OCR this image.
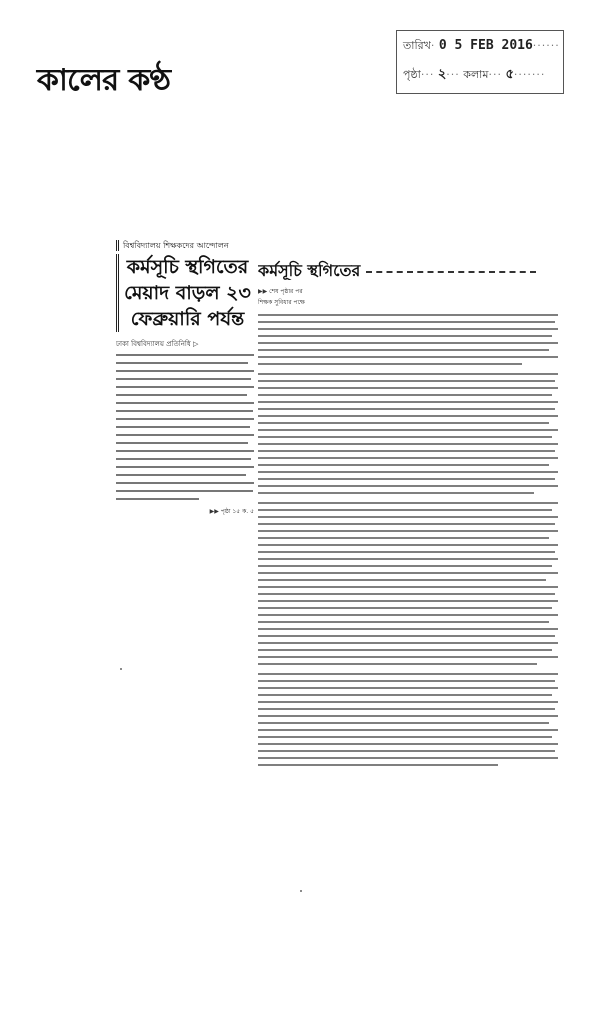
কালের কণ্ঠ
তারিখ· 0 5 FEB 2016······
পৃষ্ঠা··· ২··· কলাম··· ৫·······
বিশ্ববিদ্যালয় শিক্ষকদের আন্দোলন
কর্মসূচি স্থগিতের
মেয়াদ বাড়ল ২৩
ফেব্রুয়ারি পর্যন্ত
ঢাকা বিশ্ববিদ্যালয় প্রতিনিধি ▷
▶▶ পৃষ্ঠা ১৫ ক. ৫
কর্মসূচি স্থগিতের
▶▶ শেষ পৃষ্ঠার পর
শিক্ষক সুবিধার পক্ষে
